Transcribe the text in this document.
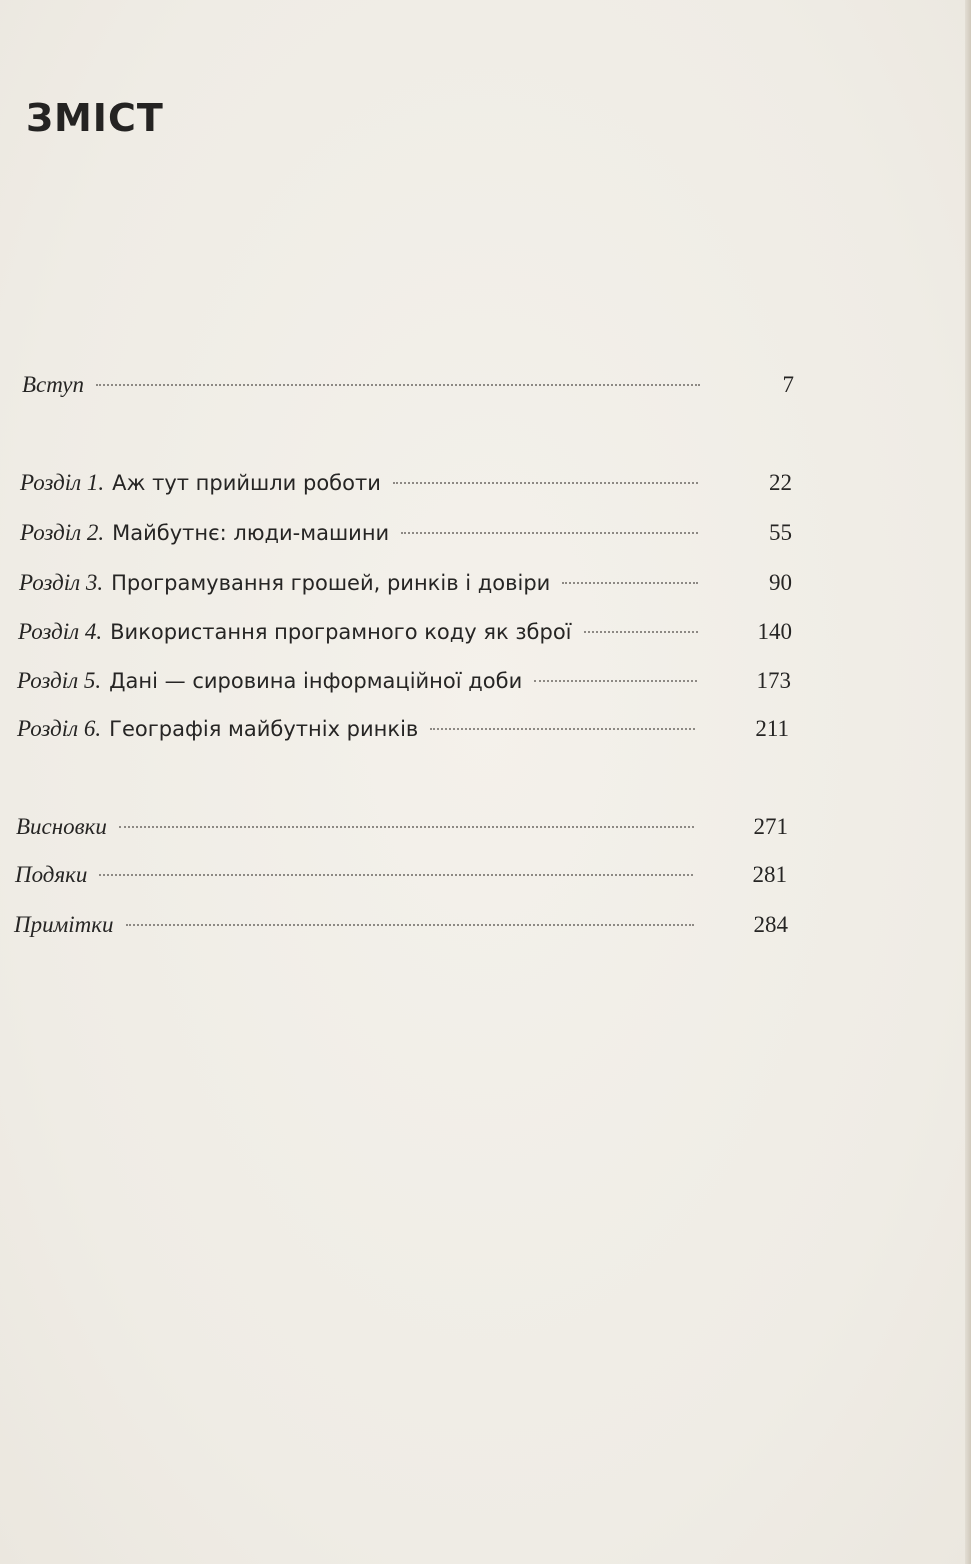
ЗМІСТ
Вступ	7
Розділ 1. Аж тут прийшли роботи	22
Розділ 2. Майбутнє: люди-машини	55
Розділ 3. Програмування грошей, ринків і довіри	90
Розділ 4. Використання програмного коду як зброї	140
Розділ 5. Дані — сировина інформаційної доби	173
Розділ 6. Географія майбутніх ринків	211
Висновки	271
Подяки	281
Примітки	284
